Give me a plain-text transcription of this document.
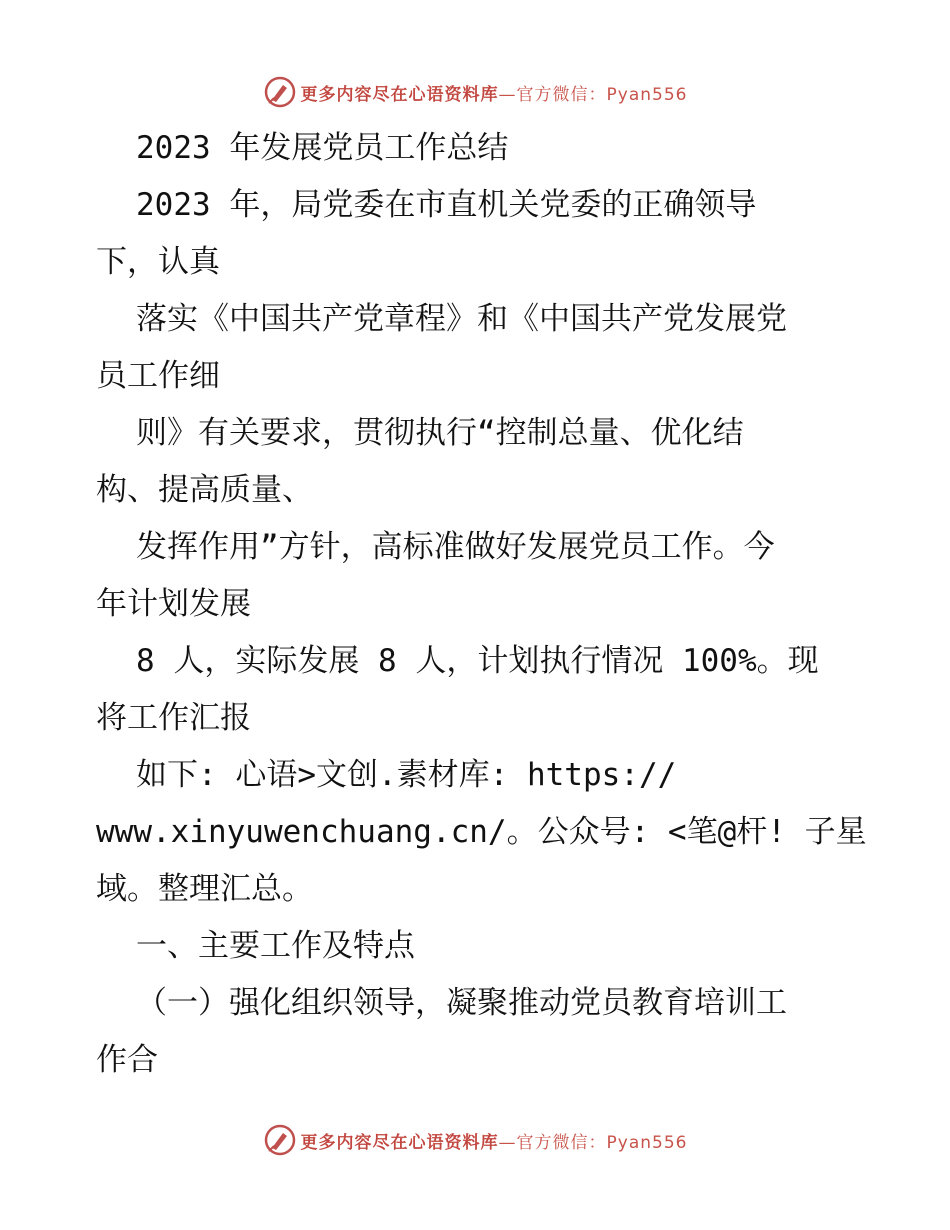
更多内容尽在心语资料库 —官方微信：Pyan556
2023 年发展党员工作总结
2023 年，局党委在市直机关党委的正确领导
下，认真
落实《中国共产党章程》和《中国共产党发展党
员工作细
则》有关要求，贯彻执行“控制总量、优化结
构、提高质量、
发挥作用”方针，高标准做好发展党员工作。今
年计划发展
8 人，实际发展 8 人，计划执行情况 100%。现
将工作汇报
如下: 心语>文创.素材库: https://
www.xinyuwenchuang.cn/。公众号: <笔@杆! 子星
域。整理汇总。
一、主要工作及特点
（一）强化组织领导，凝聚推动党员教育培训工
作合
更多内容尽在心语资料库 —官方微信：Pyan556
